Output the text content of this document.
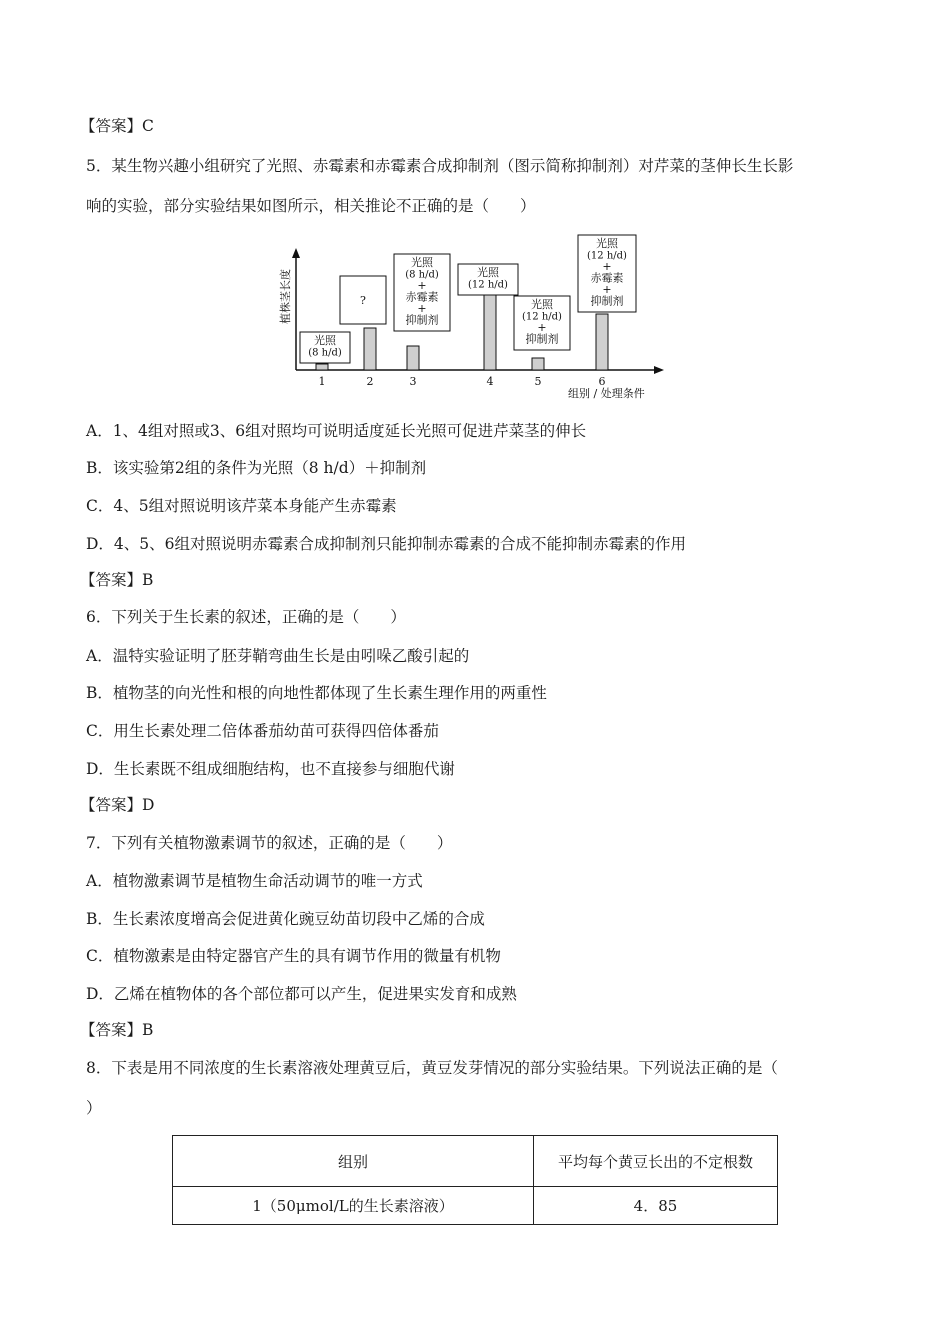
【答案】C
5．某生物兴趣小组研究了光照、赤霉素和赤霉素合成抑制剂（图示简称抑制剂）对芹菜的茎伸长生长影
响的实验，部分实验结果如图所示，相关推论不正确的是（　　）
植株茎长度
组别 / 处理条件
1
光照
(8 h/d)
2
?
3
光照
(8 h/d)
+
赤霉素
+
抑制剂
4
光照
(12 h/d)
5
光照
(12 h/d)
+
抑制剂
6
光照
(12 h/d)
+
赤霉素
+
抑制剂
A．1、4组对照或3、6组对照均可说明适度延长光照可促进芹菜茎的伸长
B．该实验第2组的条件为光照（8 h/d）＋抑制剂
C．4、5组对照说明该芹菜本身能产生赤霉素
D．4、5、6组对照说明赤霉素合成抑制剂只能抑制赤霉素的合成不能抑制赤霉素的作用
【答案】B
6．下列关于生长素的叙述，正确的是（　　）
A．温特实验证明了胚芽鞘弯曲生长是由吲哚乙酸引起的
B．植物茎的向光性和根的向地性都体现了生长素生理作用的两重性
C．用生长素处理二倍体番茄幼苗可获得四倍体番茄
D．生长素既不组成细胞结构，也不直接参与细胞代谢
【答案】D
7．下列有关植物激素调节的叙述，正确的是（　　）
A．植物激素调节是植物生命活动调节的唯一方式
B．生长素浓度增高会促进黄化豌豆幼苗切段中乙烯的合成
C．植物激素是由特定器官产生的具有调节作用的微量有机物
D．乙烯在植物体的各个部位都可以产生，促进果实发育和成熟
【答案】B
8．下表是用不同浓度的生长素溶液处理黄豆后，黄豆发芽情况的部分实验结果。下列说法正确的是（
）
组别	平均每个黄豆长出的不定根数
1（50μmol/L的生长素溶液）	4．85
